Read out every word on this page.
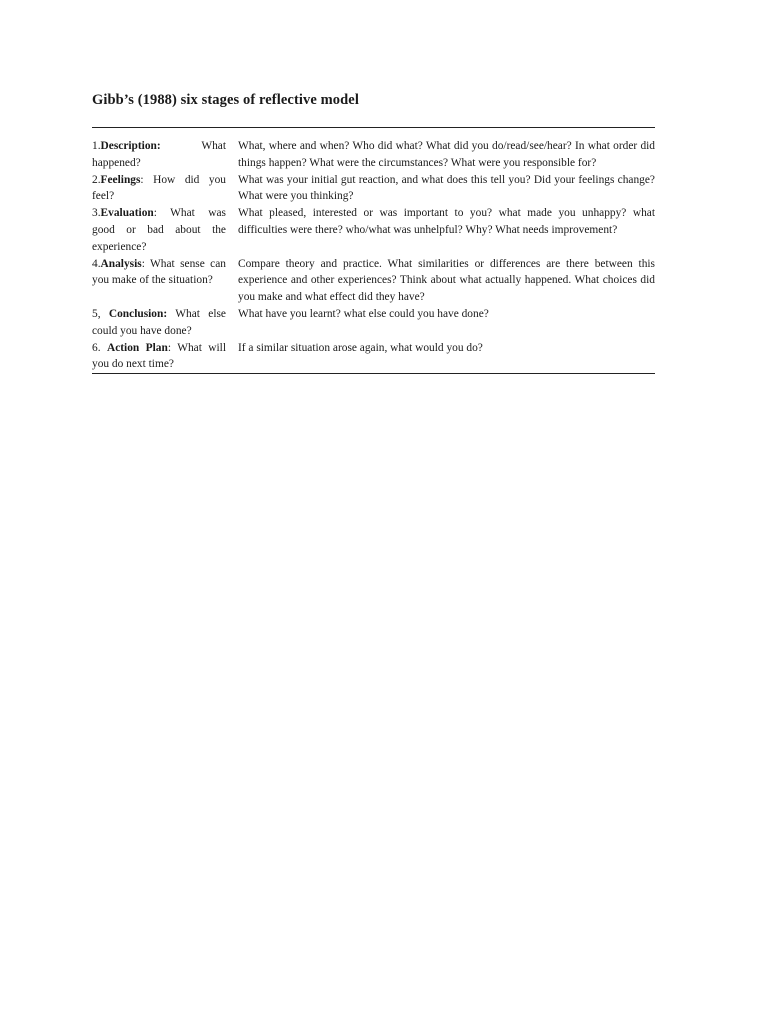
Gibb’s (1988) six stages of reflective model
1.Description: What happened?	What, where and when? Who did what? What did you do/read/see/hear? In what order did things happen? What were the circumstances? What were you responsible for?
2.Feelings: How did you feel?	What was your initial gut reaction, and what does this tell you? Did your feelings change? What were you thinking?
3.Evaluation: What was good or bad about the experience?	What pleased, interested or was important to you? what made you unhappy? what difficulties were there? who/what was unhelpful? Why? What needs improvement?
4.Analysis: What sense can you make of the situation?	Compare theory and practice. What similarities or differences are there between this experience and other experiences? Think about what actually happened. What choices did you make and what effect did they have?
5, Conclusion: What else could you have done?	What have you learnt? what else could you have done?
6. Action Plan: What will you do next time?	If a similar situation arose again, what would you do?
